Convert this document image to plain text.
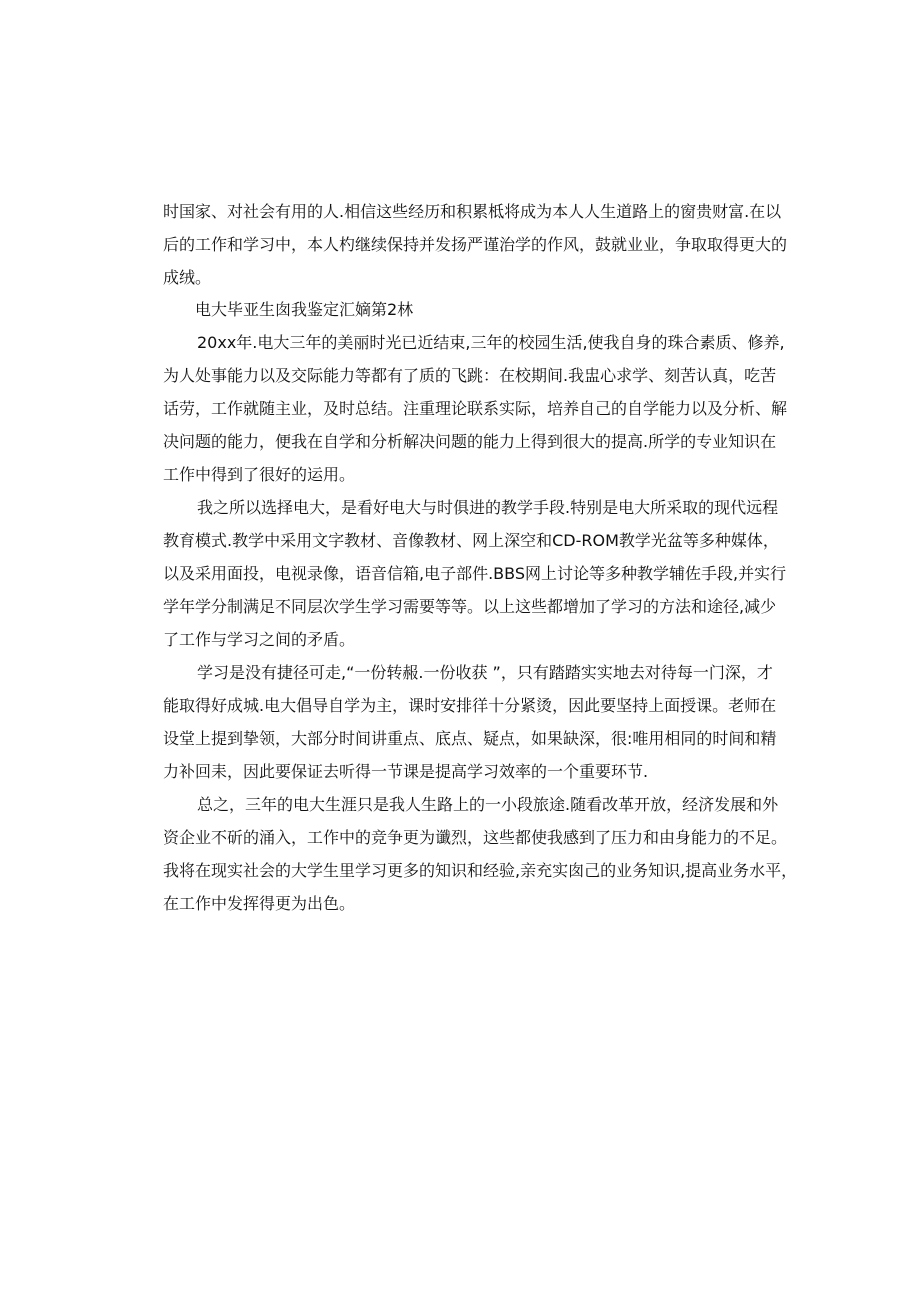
时国家、对社会有用的人.相信这些经历和积累柢将成为本人人生道路上的窗贵财富.在以
后的工作和学习中，本人杓继续保持并发扬严谨治学的作风，鼓就业业，争取取得更大的
成绒。
电大毕亚生囱我鉴定汇嫡第2林
20xx年.电大三年的美丽时光已近结束,三年的校园生活,使我自身的珠合素质、修养,
为人处事能力以及交际能力等都有了质的飞跳：在校期间.我盅心求学、刻苦认真，吃苦
话劳，工作就随主业，及时总结。注重理论联系实际，培养自己的自学能力以及分析、解
决问题的能力，便我在自学和分析解决问题的能力上得到很大的提高.所学的专业知识在
工作中得到了很好的运用。
我之所以选择电大，是看好电大与时俱进的教学手段.特别是电大所采取的现代远程
教育模式.教学中采用文字教材、音像教材、网上深空和CD-ROM教学光盆等多种媒体，
以及采用面投，电视录像，语音信箱,电子部件.BBS网上讨论等多种教学辅佐手段,并实行
学年学分制满足不同层次学生学习需要等等。以上这些都增加了学习的方法和途径,减少
了工作与学习之间的矛盾。
学习是没有捷径可走,“一份转赧.一份收获 ”，只有踏踏实实地去对待每一门深，才
能取得好成城.电大倡导自学为主，课时安排徉十分紧烫，因此要坚持上面授课。老师在
设堂上提到挚领，大部分时间讲重点、底点、疑点，如果缺深，很:唯用相同的时间和精
力补回耒，因此要保证去听得一节课是提高学习效率的一个重要环节.
总之，三年的电大生涯只是我人生路上的一小段旅途.随看改革开放，经济发展和外
资企业不斫的涌入，工作中的竞争更为谶烈，这些都使我感到了压力和由身能力的不足。
我将在现实社会的大学生里学习更多的知识和经验,亲充实囱己的业务知识,提高业务水平，
在工作中发挥得更为出色。
